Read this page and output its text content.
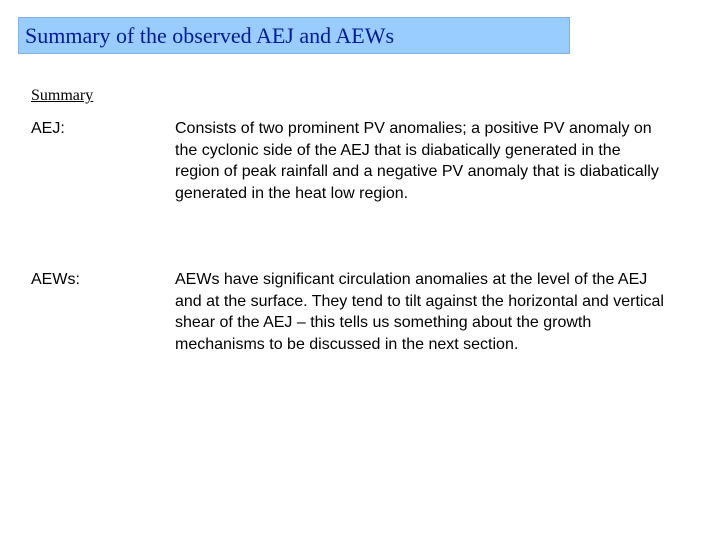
Summary of the observed AEJ and AEWs
Summary
AEJ:	Consists of two prominent PV anomalies; a positive PV anomaly on the cyclonic side of the AEJ that is diabatically generated in the region of peak rainfall and a negative PV anomaly that is diabatically generated in the heat low region.
AEWs:	AEWs have significant circulation anomalies at the level of the AEJ and at the surface. They tend to tilt against the horizontal and vertical shear of the AEJ – this tells us something about the growth mechanisms to be discussed in the next section.
